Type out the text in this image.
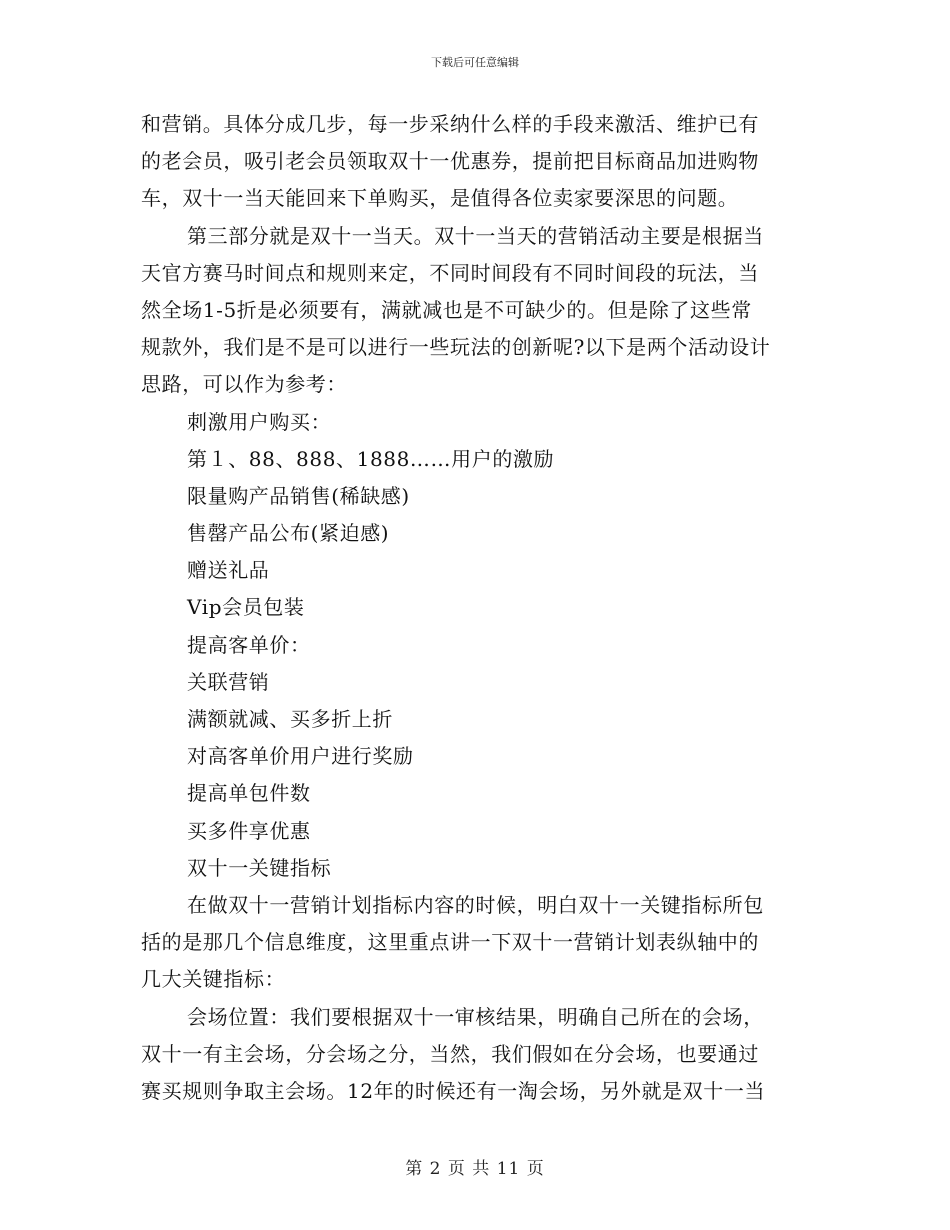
下载后可任意编辑
和营销。具体分成几步，每一步采纳什么样的手段来激活、维护已有
的老会员，吸引老会员领取双十一优惠券，提前把目标商品加进购物
车，双十一当天能回来下单购买，是值得各位卖家要深思的问题。
第三部分就是双十一当天。双十一当天的营销活动主要是根据当
天官方赛马时间点和规则来定，不同时间段有不同时间段的玩法，当
然全场1-5折是必须要有，满就减也是不可缺少的。但是除了这些常
规款外，我们是不是可以进行一些玩法的创新呢?以下是两个活动设计
思路，可以作为参考：
刺激用户购买：
第１、88、888、1888……用户的激励
限量购产品销售(稀缺感)
售罄产品公布(紧迫感)
赠送礼品
Vip会员包装
提高客单价：
关联营销
满额就减、买多折上折
对高客单价用户进行奖励
提高单包件数
买多件享优惠
双十一关键指标
在做双十一营销计划指标内容的时候，明白双十一关键指标所包
括的是那几个信息维度，这里重点讲一下双十一营销计划表纵轴中的
几大关键指标：
会场位置：我们要根据双十一审核结果，明确自己所在的会场，
双十一有主会场，分会场之分，当然，我们假如在分会场，也要通过
赛买规则争取主会场。12年的时候还有一淘会场，另外就是双十一当
第 2 页 共 11 页
